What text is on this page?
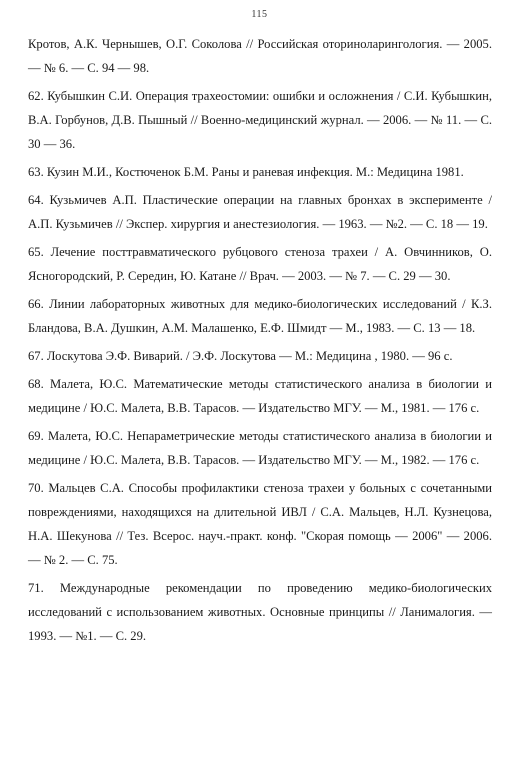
115

Кротов, А.К. Чернышев, О.Г. Соколова // Российская оториноларингология. — 2005. — № 6. — С. 94 — 98.

62. Кубышкин С.И. Операция трахеостомии: ошибки и осложнения / С.И. Кубышкин, В.А. Горбунов, Д.В. Пышный // Военно-медицинский журнал. — 2006. — № 11. — С. 30 — 36.

63. Кузин М.И., Костюченок Б.М. Раны и раневая инфекция. М.: Медицина 1981.

64. Кузьмичев А.П. Пластические операции на главных бронхах в эксперименте / А.П. Кузьмичев // Экспер. хирургия и анестезиология. — 1963. — №2. — С. 18 — 19.

65. Лечение посттравматического рубцового стеноза трахеи / А. Овчинников, О. Ясногородский, Р. Середин, Ю. Катане // Врач. — 2003. — № 7. — С. 29 — 30.

66. Линии лабораторных животных для медико-биологических исследований / К.З. Бландова, В.А. Душкин, А.М. Малашенко, Е.Ф. Шмидт — М., 1983. — С. 13 — 18.

67. Лоскутова Э.Ф. Виварий. / Э.Ф. Лоскутова — М.: Медицина , 1980. — 96 с.

68. Малета, Ю.С. Математические методы статистического анализа в биологии и медицине / Ю.С. Малета, В.В. Тарасов. — Издательство МГУ. — М., 1981. — 176 с.

69. Малета, Ю.С. Непараметрические методы статистического анализа в биологии и медицине / Ю.С. Малета, В.В. Тарасов. — Издательство МГУ. — М., 1982. — 176 с.

70. Мальцев С.А. Способы профилактики стеноза трахеи у больных с сочетанными повреждениями, находящихся на длительной ИВЛ / С.А. Мальцев, Н.Л. Кузнецова, Н.А. Шекунова // Тез. Всерос. науч.-практ. конф. "Скорая помощь — 2006" — 2006. — № 2. — С. 75.

71. Международные рекомендации по проведению медико-биологических исследований с использованием животных. Основные принципы // Ланималогия. — 1993. — №1. — С. 29.
